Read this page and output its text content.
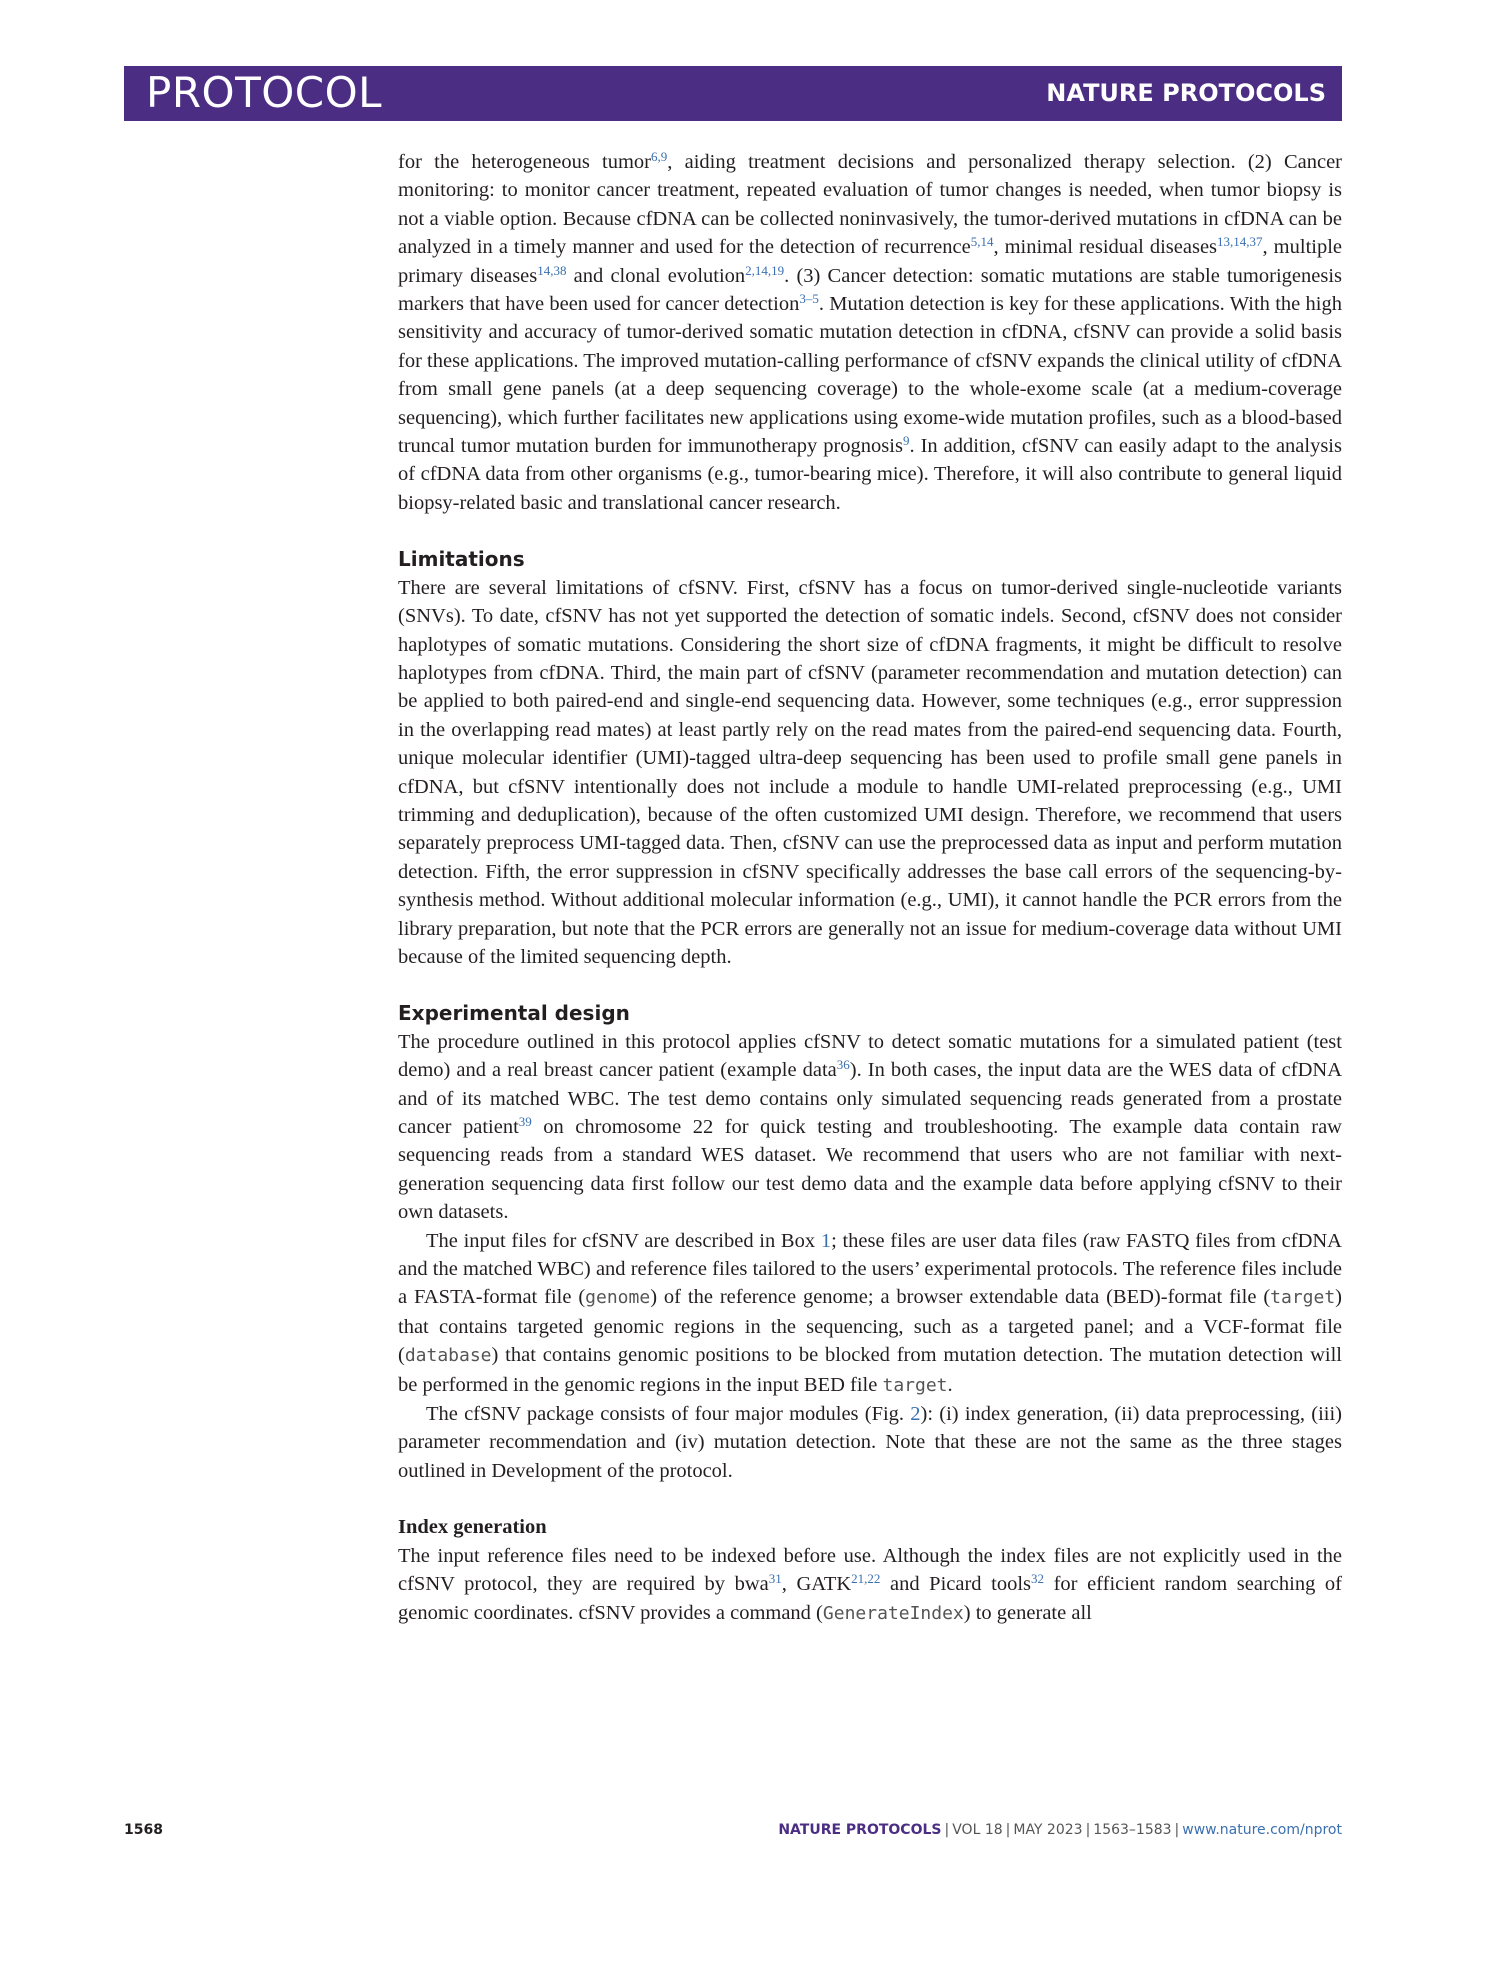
PROTOCOL	NATURE PROTOCOLS

for the heterogeneous tumor$^{6,9}$, aiding treatment decisions and personalized therapy selection. (2) Cancer monitoring: to monitor cancer treatment, repeated evaluation of tumor changes is needed, when tumor biopsy is not a viable option. Because cfDNA can be collected noninvasively, the tumor-derived mutations in cfDNA can be analyzed in a timely manner and used for the detection of recurrence$^{5,14}$, minimal residual diseases$^{13,14,37}$, multiple primary diseases$^{14,38}$ and clonal evolution$^{2,14,19}$. (3) Cancer detection: somatic mutations are stable tumorigenesis markers that have been used for cancer detection$^{3-5}$. Mutation detection is key for these applications. With the high sensitivity and accuracy of tumor-derived somatic mutation detection in cfDNA, cfSNV can provide a solid basis for these applications. The improved mutation-calling performance of cfSNV expands the clinical utility of cfDNA from small gene panels (at a deep sequencing coverage) to the whole-exome scale (at a medium-coverage sequencing), which further facilitates new applications using exome-wide mutation profiles, such as a blood-based truncal tumor mutation burden for immunotherapy prognosis$^9$. In addition, cfSNV can easily adapt to the analysis of cfDNA data from other organisms (e.g., tumor-bearing mice). Therefore, it will also contribute to general liquid biopsy-related basic and translational cancer research.

Limitations

There are several limitations of cfSNV. First, cfSNV has a focus on tumor-derived single-nucleotide variants (SNVs). To date, cfSNV has not yet supported the detection of somatic indels. Second, cfSNV does not consider haplotypes of somatic mutations. Considering the short size of cfDNA fragments, it might be difficult to resolve haplotypes from cfDNA. Third, the main part of cfSNV (parameter recommendation and mutation detection) can be applied to both paired-end and single-end sequencing data. However, some techniques (e.g., error suppression in the overlapping read mates) at least partly rely on the read mates from the paired-end sequencing data. Fourth, unique molecular identifier (UMI)-tagged ultra-deep sequencing has been used to profile small gene panels in cfDNA, but cfSNV intentionally does not include a module to handle UMI-related preprocessing (e.g., UMI trimming and deduplication), because of the often customized UMI design. Therefore, we recommend that users separately preprocess UMI-tagged data. Then, cfSNV can use the preprocessed data as input and perform mutation detection. Fifth, the error suppression in cfSNV specifically addresses the base call errors of the sequencing-by-synthesis method. Without additional molecular information (e.g., UMI), it cannot handle the PCR errors from the library preparation, but note that the PCR errors are generally not an issue for medium-coverage data without UMI because of the limited sequencing depth.

Experimental design

The procedure outlined in this protocol applies cfSNV to detect somatic mutations for a simulated patient (test demo) and a real breast cancer patient (example data$^{36}$). In both cases, the input data are the WES data of cfDNA and of its matched WBC. The test demo contains only simulated sequencing reads generated from a prostate cancer patient$^{39}$ on chromosome 22 for quick testing and troubleshooting. The example data contain raw sequencing reads from a standard WES dataset. We recommend that users who are not familiar with next-generation sequencing data first follow our test demo data and the example data before applying cfSNV to their own datasets.

The input files for cfSNV are described in Box 1; these files are user data files (raw FASTQ files from cfDNA and the matched WBC) and reference files tailored to the users’ experimental protocols. The reference files include a FASTA-format file (genome) of the reference genome; a browser extendable data (BED)-format file (target) that contains targeted genomic regions in the sequencing, such as a targeted panel; and a VCF-format file (database) that contains genomic positions to be blocked from mutation detection. The mutation detection will be performed in the genomic regions in the input BED file target.

The cfSNV package consists of four major modules (Fig. 2): (i) index generation, (ii) data preprocessing, (iii) parameter recommendation and (iv) mutation detection. Note that these are not the same as the three stages outlined in Development of the protocol.

Index generation

The input reference files need to be indexed before use. Although the index files are not explicitly used in the cfSNV protocol, they are required by bwa$^{31}$, GATK$^{21,22}$ and Picard tools$^{32}$ for efficient random searching of genomic coordinates. cfSNV provides a command (GenerateIndex) to generate all

1568	NATURE PROTOCOLS | VOL 18 | MAY 2023 | 1563–1583 | www.nature.com/nprot
